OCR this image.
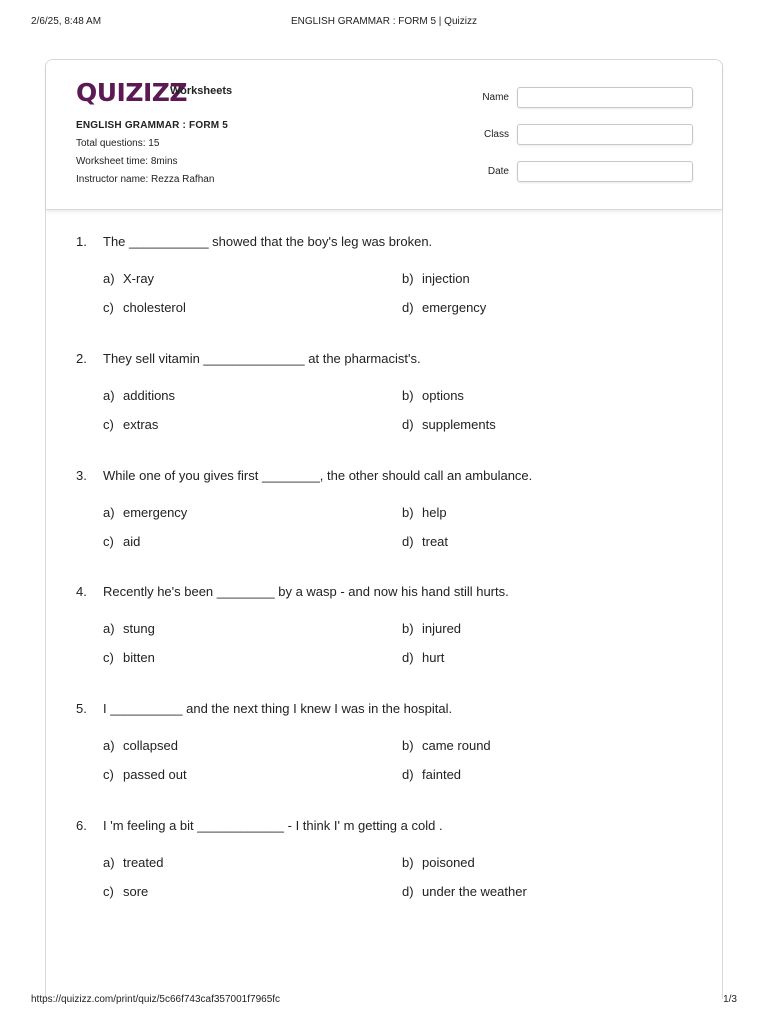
2/6/25, 8:48 AM	ENGLISH GRAMMAR : FORM 5 | Quizizz
QUIZIZZ
Worksheets
ENGLISH GRAMMAR : FORM 5
Total questions: 15
Worksheet time: 8mins
Instructor name: Rezza Rafhan
Name
Class
Date
1. The ___________ showed that the boy's leg was broken.
a) X-ray	b) injection
c) cholesterol	d) emergency
2. They sell vitamin ______________ at the pharmacist's.
a) additions	b) options
c) extras	d) supplements
3. While one of you gives first ________, the other should call an ambulance.
a) emergency	b) help
c) aid	d) treat
4. Recently he's been ________ by a wasp - and now his hand still hurts.
a) stung	b) injured
c) bitten	d) hurt
5. I __________ and the next thing I knew I was in the hospital.
a) collapsed	b) came round
c) passed out	d) fainted
6. I 'm feeling a bit ____________ - I think I' m getting a cold .
a) treated	b) poisoned
c) sore	d) under the weather
https://quizizz.com/print/quiz/5c66f743caf357001f7965fc	1/3
